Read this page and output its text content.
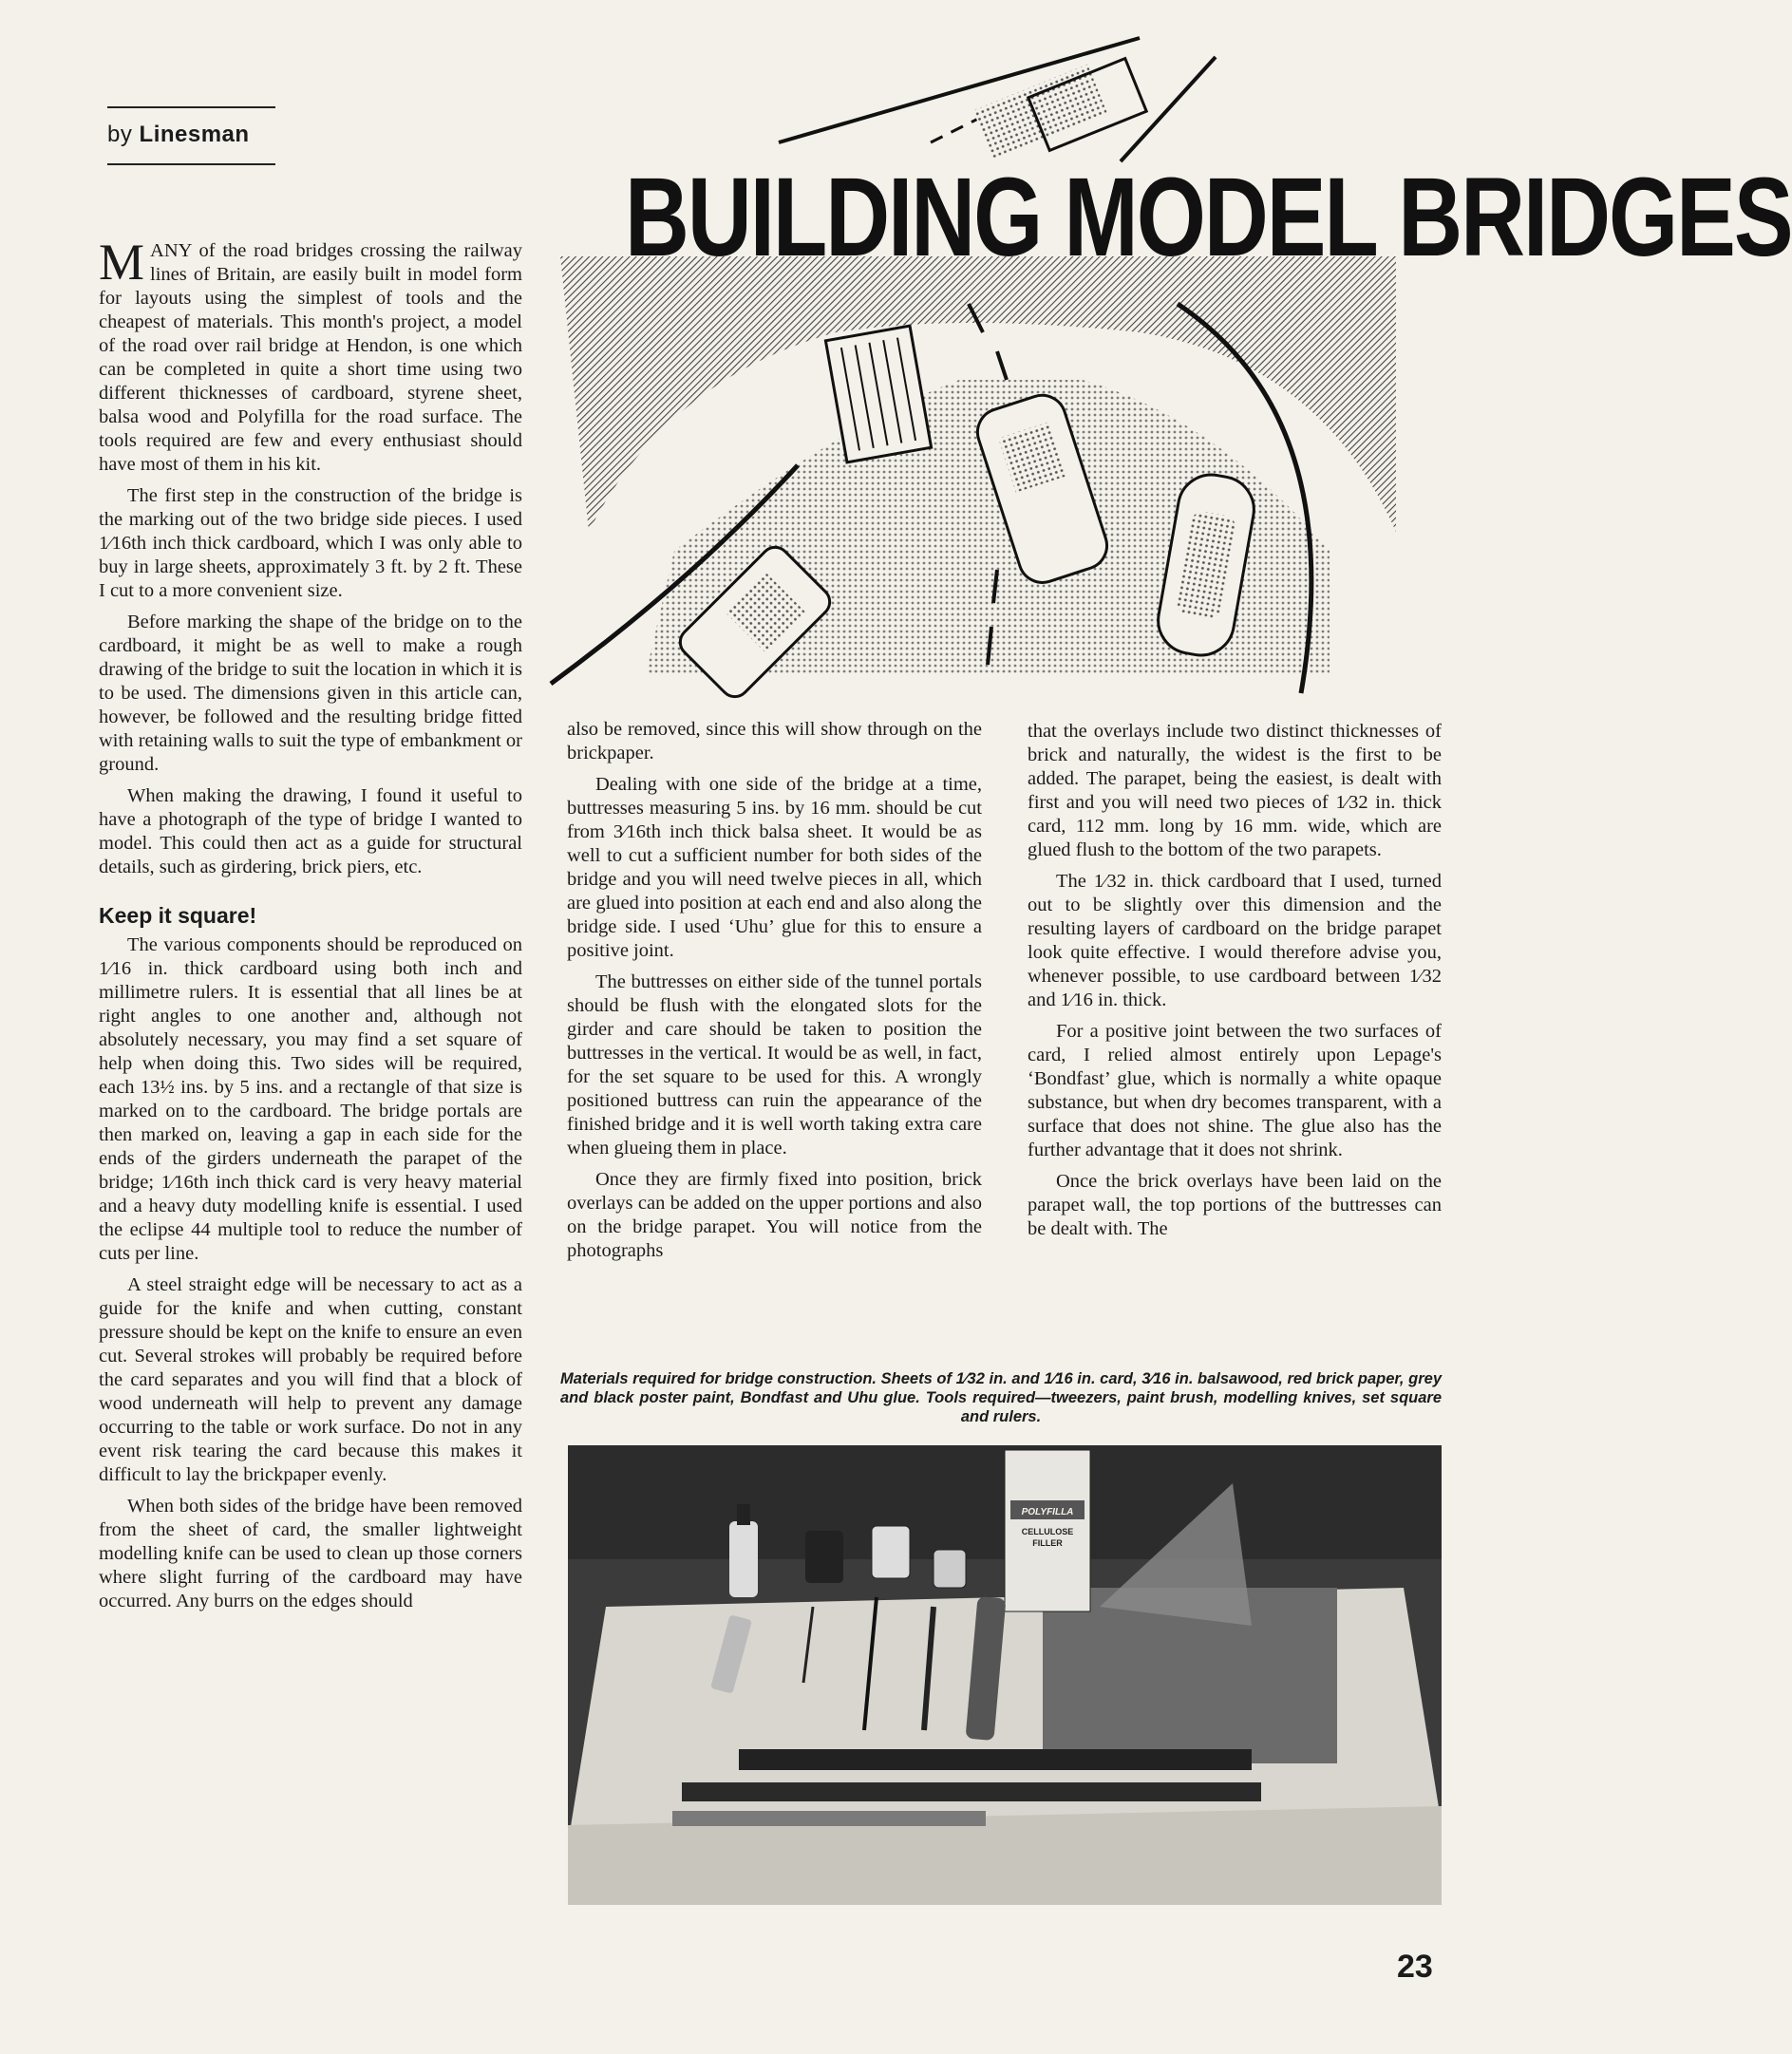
by Linesman
BUILDING MODEL BRIDGES

MANY of the road bridges crossing the railway lines of Britain, are easily built in model form for layouts using the simplest of tools and the cheapest of materials. This month's project, a model of the road over rail bridge at Hendon, is one which can be completed in quite a short time using two different thicknesses of cardboard, styrene sheet, balsa wood and Polyfilla for the road surface. The tools required are few and every enthusiast should have most of them in his kit.

The first step in the construction of the bridge is the marking out of the two bridge side pieces. I used 1⁄16th inch thick cardboard, which I was only able to buy in large sheets, approximately 3 ft. by 2 ft. These I cut to a more convenient size.

Before marking the shape of the bridge on to the cardboard, it might be as well to make a rough drawing of the bridge to suit the location in which it is to be used. The dimensions given in this article can, however, be followed and the resulting bridge fitted with retaining walls to suit the type of embankment or ground.

When making the drawing, I found it useful to have a photograph of the type of bridge I wanted to model. This could then act as a guide for structural details, such as girdering, brick piers, etc.

Keep it square!

The various components should be reproduced on 1⁄16 in. thick cardboard using both inch and millimetre rulers. It is essential that all lines be at right angles to one another and, although not absolutely necessary, you may find a set square of help when doing this. Two sides will be required, each 13½ ins. by 5 ins. and a rectangle of that size is marked on to the cardboard. The bridge portals are then marked on, leaving a gap in each side for the ends of the girders underneath the parapet of the bridge; 1⁄16th inch thick card is very heavy material and a heavy duty modelling knife is essential. I used the eclipse 44 multiple tool to reduce the number of cuts per line.

A steel straight edge will be necessary to act as a guide for the knife and when cutting, constant pressure should be kept on the knife to ensure an even cut. Several strokes will probably be required before the card separates and you will find that a block of wood underneath will help to prevent any damage occurring to the table or work surface. Do not in any event risk tearing the card because this makes it difficult to lay the brickpaper evenly.

When both sides of the bridge have been removed from the sheet of card, the smaller lightweight modelling knife can be used to clean up those corners where slight furring of the cardboard may have occurred. Any burrs on the edges should

also be removed, since this will show through on the brickpaper.

Dealing with one side of the bridge at a time, buttresses measuring 5 ins. by 16 mm. should be cut from 3⁄16th inch thick balsa sheet. It would be as well to cut a sufficient number for both sides of the bridge and you will need twelve pieces in all, which are glued into position at each end and also along the bridge side. I used ‘Uhu’ glue for this to ensure a positive joint.

The buttresses on either side of the tunnel portals should be flush with the elongated slots for the girder and care should be taken to position the buttresses in the vertical. It would be as well, in fact, for the set square to be used for this. A wrongly positioned buttress can ruin the appearance of the finished bridge and it is well worth taking extra care when glueing them in place.

Once they are firmly fixed into position, brick overlays can be added on the upper portions and also on the bridge parapet. You will notice from the photographs

that the overlays include two distinct thicknesses of brick and naturally, the widest is the first to be added. The parapet, being the easiest, is dealt with first and you will need two pieces of 1⁄32 in. thick card, 112 mm. long by 16 mm. wide, which are glued flush to the bottom of the two parapets.

The 1⁄32 in. thick cardboard that I used, turned out to be slightly over this dimension and the resulting layers of cardboard on the bridge parapet look quite effective. I would therefore advise you, whenever possible, to use cardboard between 1⁄32 and 1⁄16 in. thick.

For a positive joint between the two surfaces of card, I relied almost entirely upon Lepage's ‘Bondfast’ glue, which is normally a white opaque substance, but when dry becomes transparent, with a surface that does not shine. The glue also has the further advantage that it does not shrink.

Once the brick overlays have been laid on the parapet wall, the top portions of the buttresses can be dealt with. The

Materials required for bridge construction. Sheets of 1⁄32 in. and 1⁄16 in. card, 3⁄16 in. balsawood, red brick paper, grey and black poster paint, Bondfast and Uhu glue. Tools required—tweezers, paint brush, modelling knives, set square and rulers.
POLYFILLA
CELLULOSE
FILLER
23
